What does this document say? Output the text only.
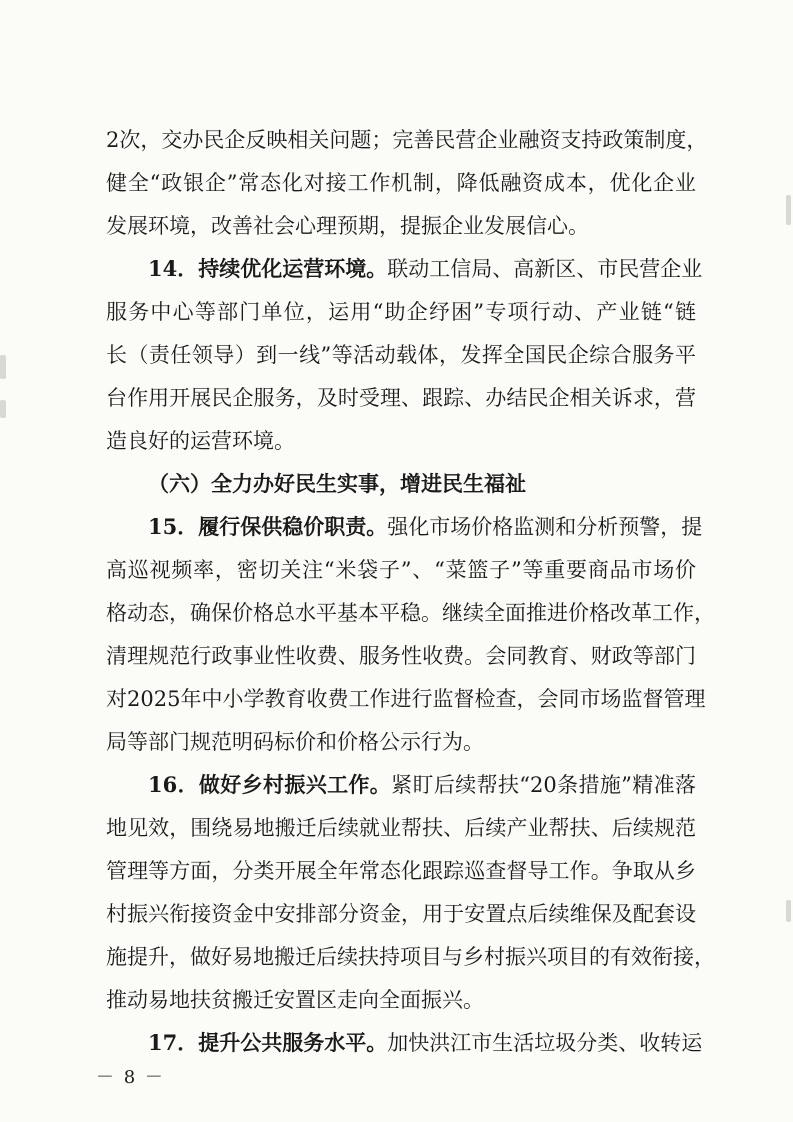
2次，交办民企反映相关问题；完善民营企业融资支持政策制度，
健全“政银企”常态化对接工作机制，降低融资成本，优化企业
发展环境，改善社会心理预期，提振企业发展信心。
14．持续优化运营环境。联动工信局、高新区、市民营企业
服务中心等部门单位，运用“助企纾困”专项行动、产业链“链
长（责任领导）到一线”等活动载体，发挥全国民企综合服务平
台作用开展民企服务，及时受理、跟踪、办结民企相关诉求，营
造良好的运营环境。
（六）全力办好民生实事，增进民生福祉
15．履行保供稳价职责。强化市场价格监测和分析预警，提
高巡视频率，密切关注“米袋子”、“菜篮子”等重要商品市场价
格动态，确保价格总水平基本平稳。继续全面推进价格改革工作，
清理规范行政事业性收费、服务性收费。会同教育、财政等部门
对2025年中小学教育收费工作进行监督检查，会同市场监督管理
局等部门规范明码标价和价格公示行为。
16．做好乡村振兴工作。紧盯后续帮扶“20条措施”精准落
地见效，围绕易地搬迁后续就业帮扶、后续产业帮扶、后续规范
管理等方面，分类开展全年常态化跟踪巡查督导工作。争取从乡
村振兴衔接资金中安排部分资金，用于安置点后续维保及配套设
施提升，做好易地搬迁后续扶持项目与乡村振兴项目的有效衔接，
推动易地扶贫搬迁安置区走向全面振兴。
17．提升公共服务水平。加快洪江市生活垃圾分类、收转运
－ 8 －
